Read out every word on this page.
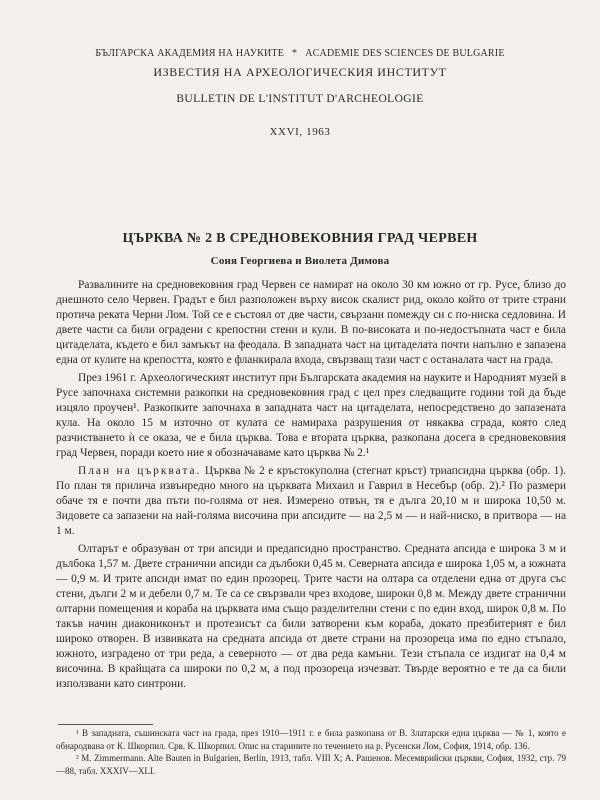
БЪЛГАРСКА АКАДЕМИЯ НА НАУКИТЕ * ACADEMIE DES SCIENCES DE BULGARIE
ИЗВЕСТИЯ НА АРХЕОЛОГИЧЕСКИЯ ИНСТИТУТ
BULLETIN DE L'INSTITUT D'ARCHEOLOGIE
XXVI, 1963
ЦЪРКВА № 2 В СРЕДНОВЕКОВНИЯ ГРАД ЧЕРВЕН
Соня Георгиева и Виолета Димова

Развалините на средновековния град Червен се намират на около 30 км южно от гр. Русе, близо до днешното село Червен. Градът е бил разположен върху висок скалист рид, около който от трите страни протича реката Черни Лом. Той се е състоял от две части, свързани помежду си с по-ниска седловина. И двете части са били оградени с крепостни стени и кули. В по-високата и по-недостъпната част е била цитаделата, където е бил замъкът на феодала. В западната част на цитаделата почти напълно е запазена една от кулите на крепостта, която е фланкирала входа, свързващ тази част с останалата част на града.

През 1961 г. Археологическият институт при Българската академия на науките и Народният музей в Русе започнаха системни разкопки на средновековния град с цел през следващите години той да бъде изцяло проучен¹. Разкопките започнаха в западната част на цитаделата, непосредствено до запазената кула. На около 15 м източно от кулата се намираха разрушения от някаква сграда, която след разчистването ѝ се оказа, че е била църква. Това е втората църква, разкопана досега в средновековния град Червен, поради което ние я обозначаваме като църква № 2.¹

План на църквата. Църква № 2 е кръстокуполна (стегнат кръст) триапсидна църква (обр. 1). По план тя прилича извънредно много на църквата Михаил и Гаврил в Несебър (обр. 2).² По размери обаче тя е почти два пъти по-голяма от нея. Измерено отвън, тя е дълга 20,10 м и широка 10,50 м. Зидовете са запазени на най-голяма височина при апсидите — на 2,5 м — и най-ниско, в притвора — на 1 м.

Олтарът е образуван от три апсиди и предапсидно пространство. Средната апсида е широка 3 м и дълбока 1,57 м. Двете странични апсиди са дълбоки 0,45 м. Северната апсида е широка 1,05 м, а южната — 0,9 м. И трите апсиди имат по един прозорец. Трите части на олтара са отделени една от друга със стени, дълги 2 м и дебели 0,7 м. Те са се свързвали чрез входове, широки 0,8 м. Между двете странични олтарни помещения и кораба на църквата има също разделителни стени с по един вход, широк 0,8 м. По такъв начин диакониконът и протезисът са били затворени към кораба, докато презбитерият е бил широко отворен. В извивката на средната апсида от двете страни на прозореца има по едно стъпало, южното, изградено от три реда, а северното — от два реда камъни. Тези стъпала се издигат на 0,4 м височина. В крайщата са широки по 0,2 м, а под прозореца изчезват. Твърде вероятно е те да са били използвани като синтрони.

¹ В западната, съшинската част на града, през 1910—1911 г. е била разкопана от В. Златарски една църква — № 1, която е обнародвана от К. Шкорпил. Срв. К. Шкорпил. Опис на старините по течението на р. Русенски Лом, София, 1914, обр. 136.

² M. Zimmermann. Alte Bauten in Bulgarien, Berlin, 1913, табл. VIII X; А. Рашенов. Месемврийски църкви, София, 1932, стр. 79—88, табл. XXXIV—XLI.
